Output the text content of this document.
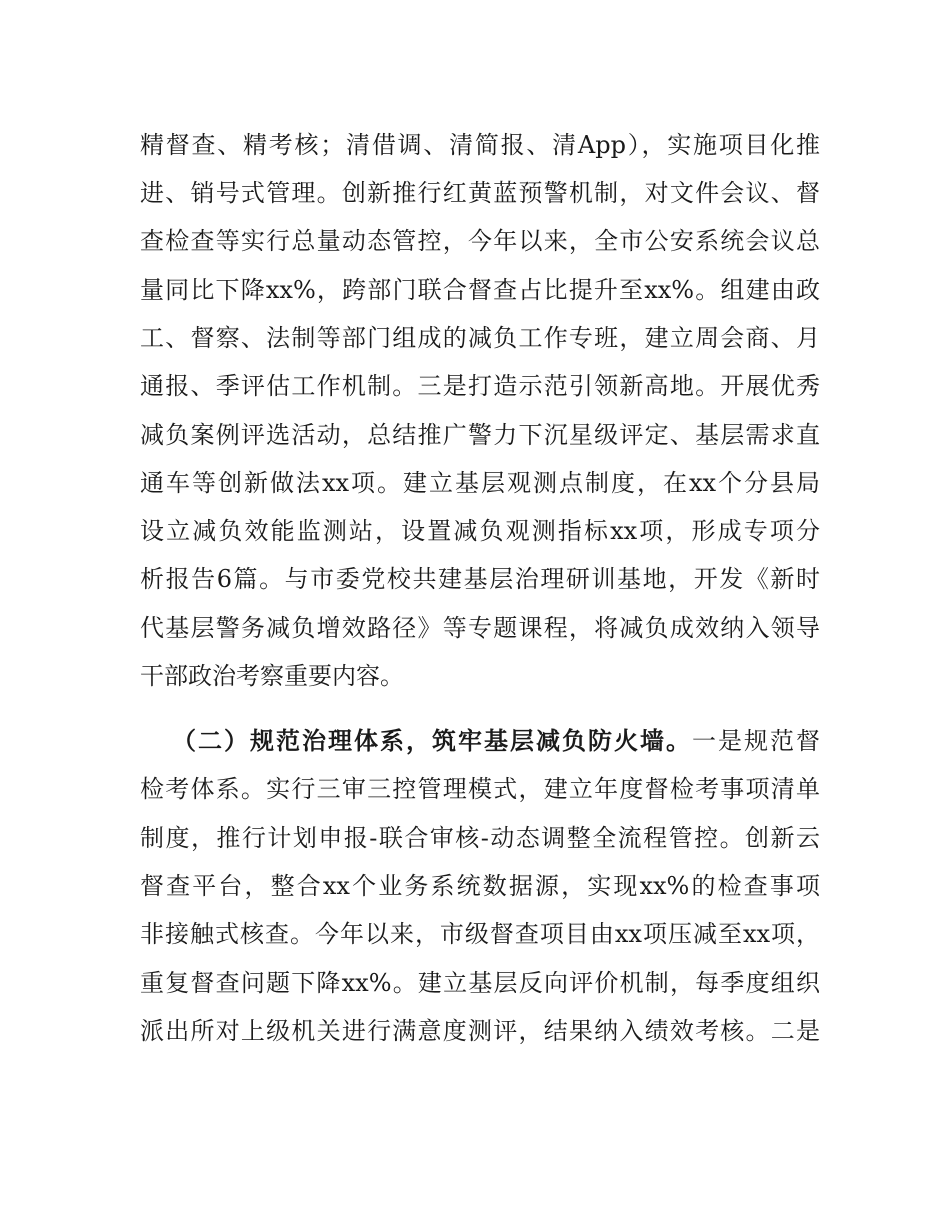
精督查、精考核；清借调、清简报、清App），实施项目化推
进、销号式管理。创新推行红黄蓝预警机制，对文件会议、督
查检查等实行总量动态管控，今年以来，全市公安系统会议总
量同比下降xx%，跨部门联合督查占比提升至xx%。组建由政
工、督察、法制等部门组成的减负工作专班，建立周会商、月
通报、季评估工作机制。三是打造示范引领新高地。开展优秀
减负案例评选活动，总结推广警力下沉星级评定、基层需求直
通车等创新做法xx项。建立基层观测点制度，在xx个分县局
设立减负效能监测站，设置减负观测指标xx项，形成专项分
析报告6篇。与市委党校共建基层治理研训基地，开发《新时
代基层警务减负增效路径》等专题课程，将减负成效纳入领导
干部政治考察重要内容。
（二）规范治理体系，筑牢基层减负防火墙。一是规范督
检考体系。实行三审三控管理模式，建立年度督检考事项清单
制度，推行计划申报-联合审核-动态调整全流程管控。创新云
督查平台，整合xx个业务系统数据源，实现xx%的检查事项
非接触式核查。今年以来，市级督查项目由xx项压减至xx项，
重复督查问题下降xx%。建立基层反向评价机制，每季度组织
派出所对上级机关进行满意度测评，结果纳入绩效考核。二是
